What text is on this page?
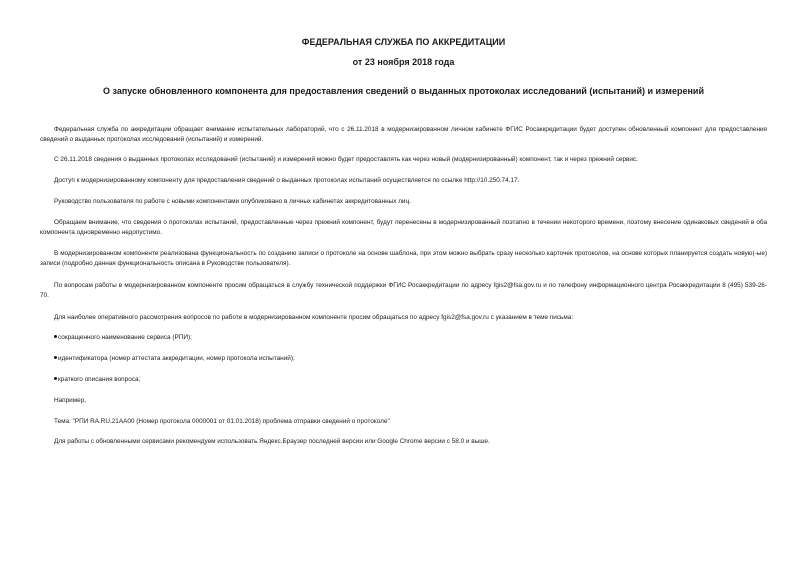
ФЕДЕРАЛЬНАЯ СЛУЖБА ПО АККРЕДИТАЦИИ
от 23 ноября 2018 года
О запуске обновленного компонента для предоставления сведений о выданных протоколах исследований (испытаний) и измерений

Федеральная служба по аккредитации обращает внимание испытательных лабораторий, что с 26.11.2018 в модернизированном личном кабинете ФГИС Росаккредитации будет доступен обновленный компонент для предоставления сведений о выданных протоколах исследований (испытаний) и измерений.

С 26.11.2018 сведения о выданных протоколах исследований (испытаний) и измерений можно будет предоставлять как через новый (модернизированный) компонент, так и через прежний сервис.

Доступ к модернизированному компоненту для предоставления сведений о выданных протоколах испытаний осуществляется по ссылке http://10.250.74.17.

Руководство пользователя по работе с новыми компонентами опубликовано в личных кабинетах аккредитованных лиц.

Обращаем внимание, что сведения о протоколах испытаний, предоставленные через прежний компонент, будут перенесены в модернизированный поэтапно в течении некоторого времени, поэтому внесение одинаковых сведений в оба компонента одновременно недопустимо.

В модернизированном компоненте реализована функциональность по созданию записи о протоколе на основе шаблона, при этом можно выбрать сразу несколько карточек протоколов, на основе которых планируется создать новую(-ые) записи (подробно данная функциональность описана в Руководстве пользователя).

По вопросам работы в модернизированном компоненте просим обращаться в службу технической поддержки ФГИС Росаккредитации по адресу fgis2@fsa.gov.ru и по телефону информационного центра Росаккредитации 8 (495) 539-26-70.

Для наиболее оперативного рассмотрения вопросов по работе в модернизированном компоненте просим обращаться по адресу fgis2@fsa.gov.ru с указанием в теме письма:

сокращенного наименование сервиса (РПИ);
идентификатора (номер аттестата аккредитации, номер протокола испытаний);
краткого описания вопроса;

Например,

Тема: "РПИ RA.RU.21AA00 (Номер протокола 0000001 от 01.01.2018) проблема отправки сведений о протоколе"

Для работы с обновленными сервисами рекомендуем использовать Яндекс.Браузер последней версии или Google Chrome версии с 58.0 и выше.
